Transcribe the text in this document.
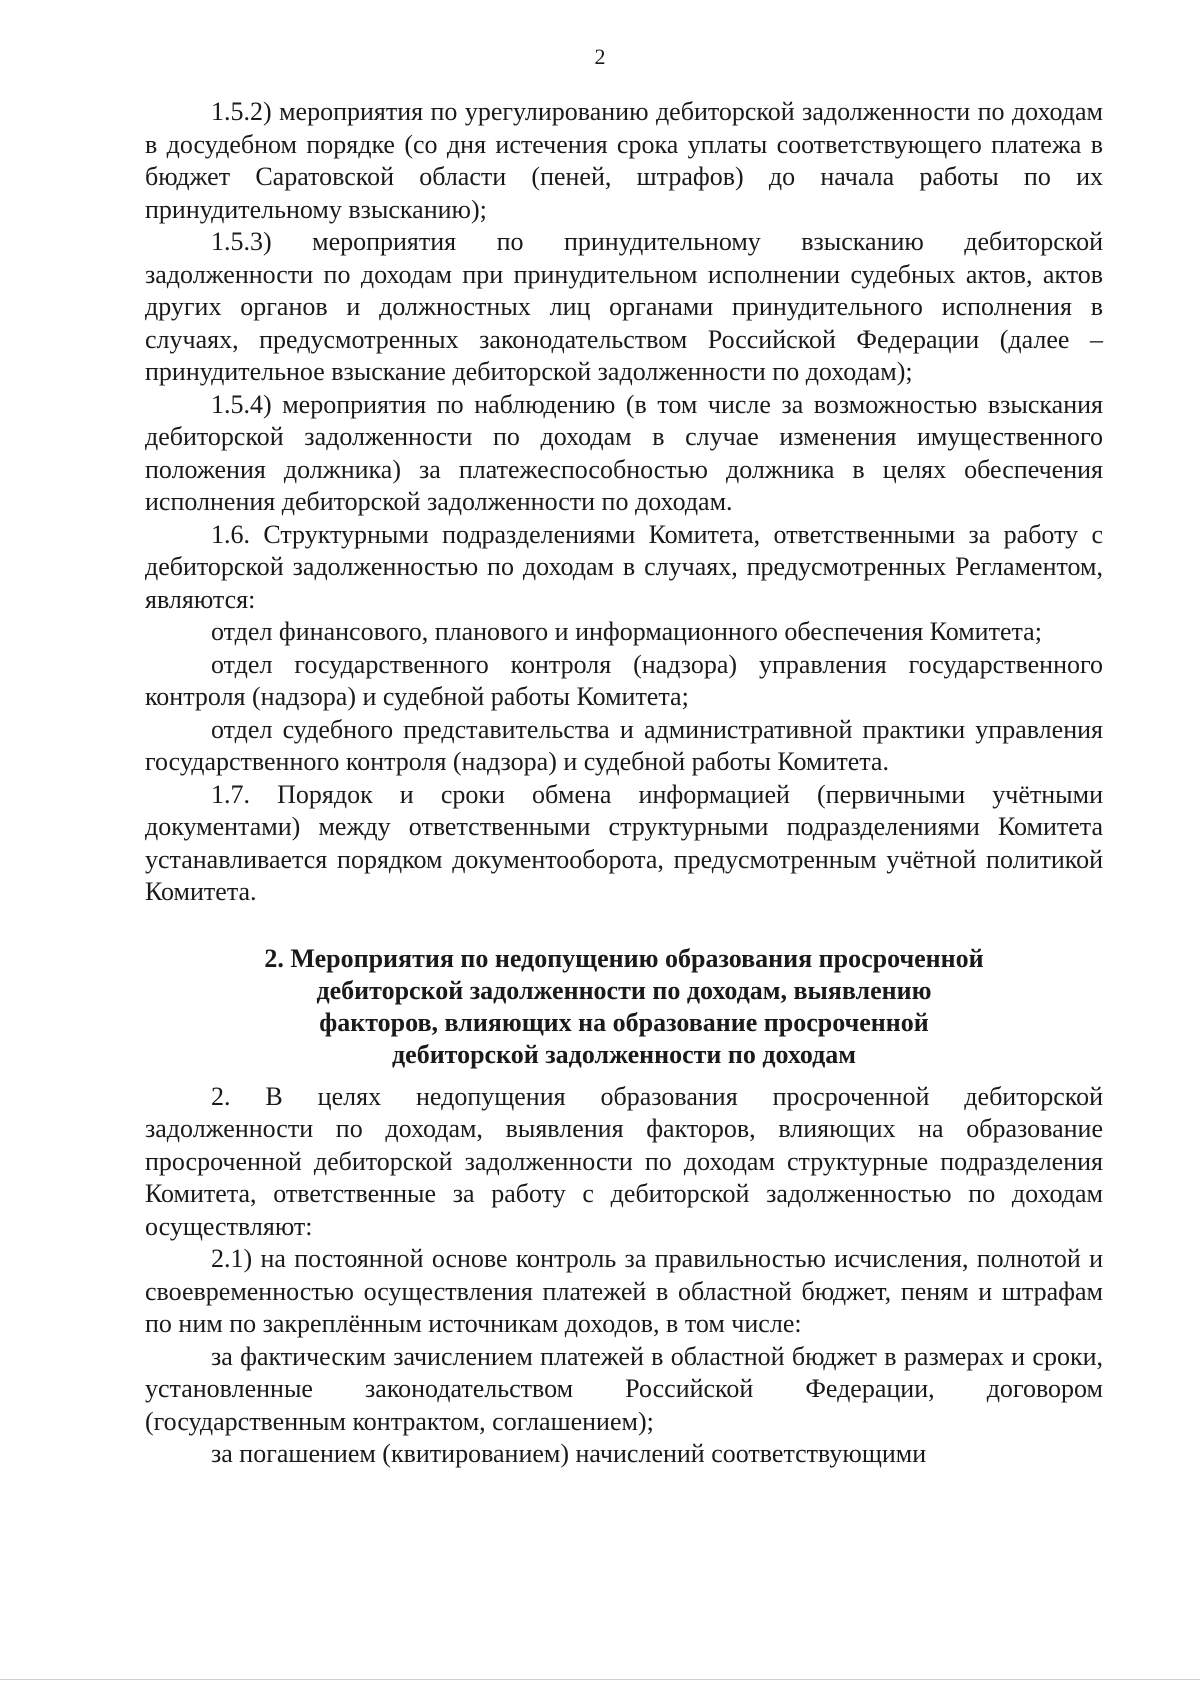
2

1.5.2) мероприятия по урегулированию дебиторской задолженности по доходам в досудебном порядке (со дня истечения срока уплаты соответствующего платежа в бюджет Саратовской области (пеней, штрафов) до начала работы по их принудительному взысканию);

1.5.3) мероприятия по принудительному взысканию дебиторской задолженности по доходам при принудительном исполнении судебных актов, актов других органов и должностных лиц органами принудительного исполнения в случаях, предусмотренных законодательством Российской Федерации (далее – принудительное взыскание дебиторской задолженности по доходам);

1.5.4) мероприятия по наблюдению (в том числе за возможностью взыскания дебиторской задолженности по доходам в случае изменения имущественного положения должника) за платежеспособностью должника в целях обеспечения исполнения дебиторской задолженности по доходам.

1.6. Структурными подразделениями Комитета, ответственными за работу с дебиторской задолженностью по доходам в случаях, предусмотренных Регламентом, являются:

отдел финансового, планового и информационного обеспечения Комитета;

отдел государственного контроля (надзора) управления государственного контроля (надзора) и судебной работы Комитета;

отдел судебного представительства и административной практики управления государственного контроля (надзора) и судебной работы Комитета.

1.7. Порядок и сроки обмена информацией (первичными учётными документами) между ответственными структурными подразделениями Комитета устанавливается порядком документооборота, предусмотренным учётной политикой Комитета.

2. Мероприятия по недопущению образования просроченной
дебиторской задолженности по доходам, выявлению
факторов, влияющих на образование просроченной
дебиторской задолженности по доходам

2. В целях недопущения образования просроченной дебиторской задолженности по доходам, выявления факторов, влияющих на образование просроченной дебиторской задолженности по доходам структурные подразделения Комитета, ответственные за работу с дебиторской задолженностью по доходам осуществляют:

2.1) на постоянной основе контроль за правильностью исчисления, полнотой и своевременностью осуществления платежей в областной бюджет, пеням и штрафам по ним по закреплённым источникам доходов, в том числе:

за фактическим зачислением платежей в областной бюджет в размерах и сроки, установленные законодательством Российской Федерации, договором (государственным контрактом, соглашением);

за погашением (квитированием) начислений соответствующими
